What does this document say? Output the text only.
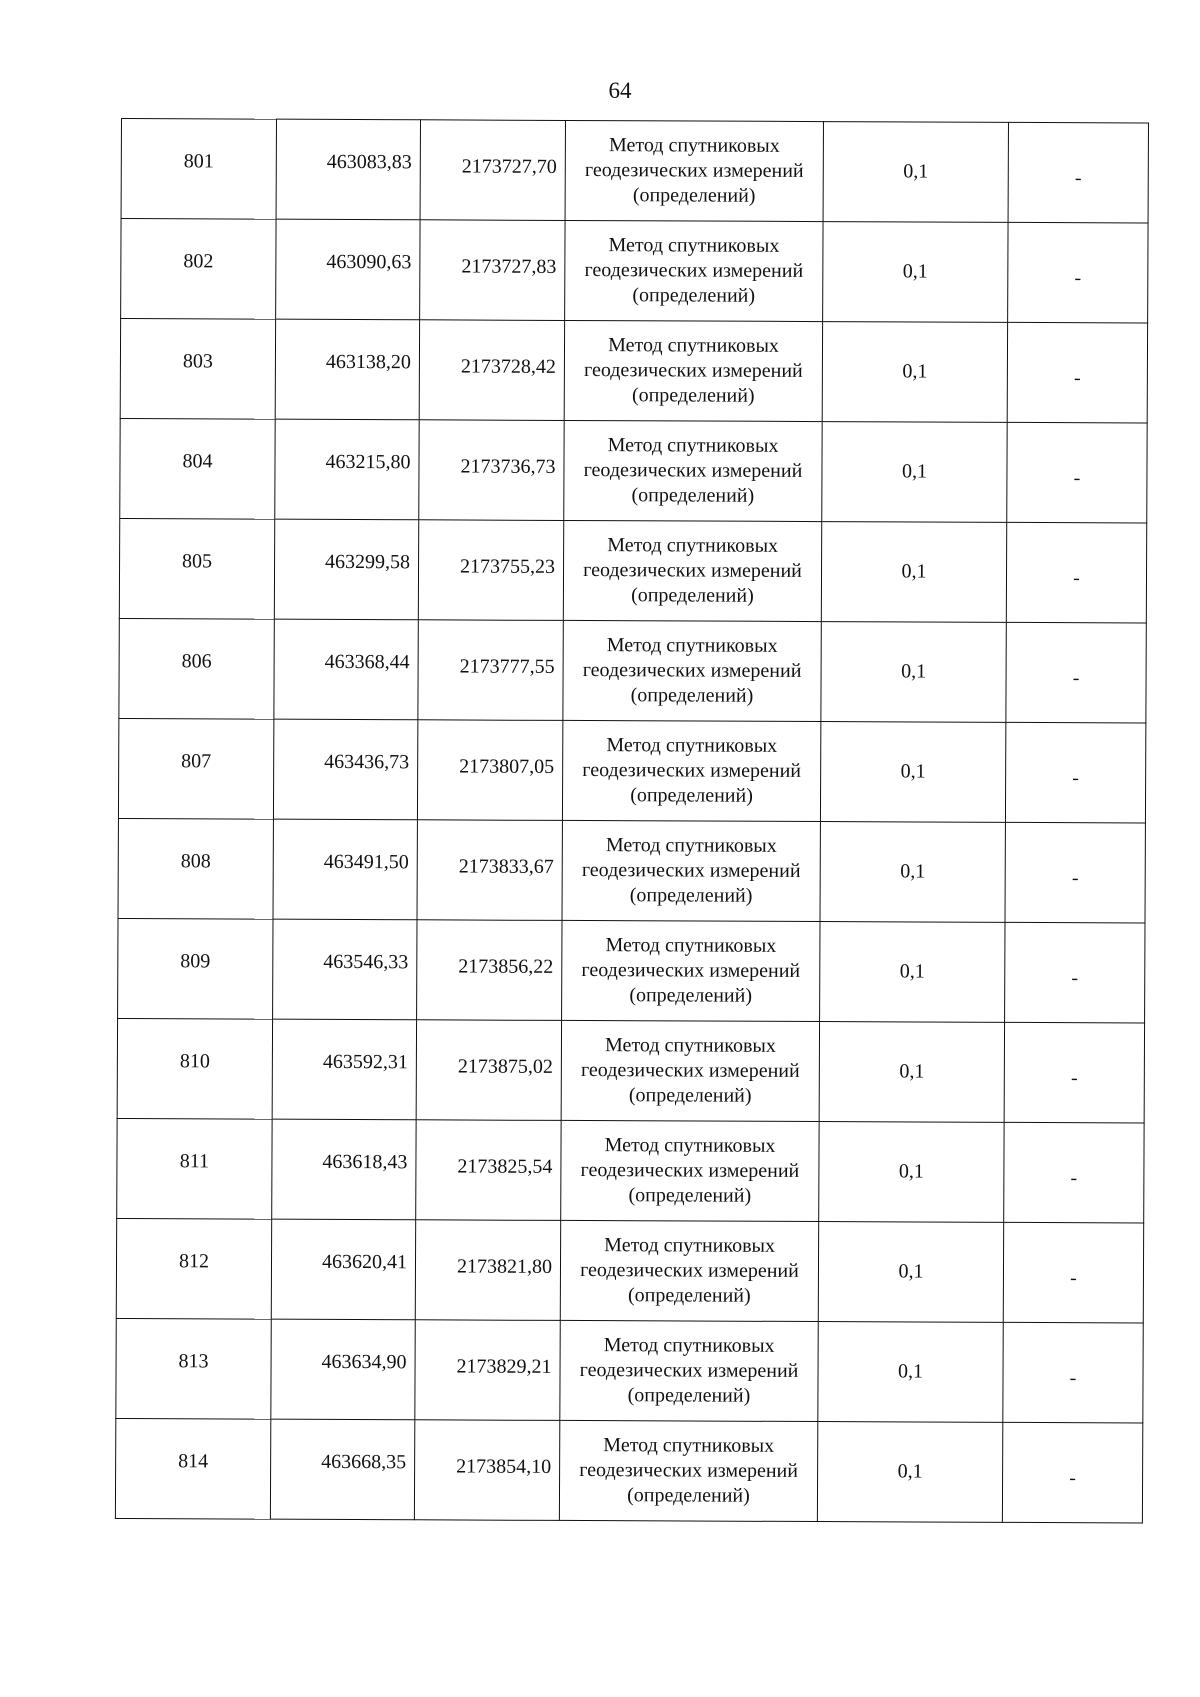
64
801	463083,83	2173727,70	Метод спутниковых геодезических измерений (определений)	0,1	-
802	463090,63	2173727,83	Метод спутниковых геодезических измерений (определений)	0,1	-
803	463138,20	2173728,42	Метод спутниковых геодезических измерений (определений)	0,1	-
804	463215,80	2173736,73	Метод спутниковых геодезических измерений (определений)	0,1	-
805	463299,58	2173755,23	Метод спутниковых геодезических измерений (определений)	0,1	-
806	463368,44	2173777,55	Метод спутниковых геодезических измерений (определений)	0,1	-
807	463436,73	2173807,05	Метод спутниковых геодезических измерений (определений)	0,1	-
808	463491,50	2173833,67	Метод спутниковых геодезических измерений (определений)	0,1	-
809	463546,33	2173856,22	Метод спутниковых геодезических измерений (определений)	0,1	-
810	463592,31	2173875,02	Метод спутниковых геодезических измерений (определений)	0,1	-
811	463618,43	2173825,54	Метод спутниковых геодезических измерений (определений)	0,1	-
812	463620,41	2173821,80	Метод спутниковых геодезических измерений (определений)	0,1	-
813	463634,90	2173829,21	Метод спутниковых геодезических измерений (определений)	0,1	-
814	463668,35	2173854,10	Метод спутниковых геодезических измерений (определений)	0,1	-
